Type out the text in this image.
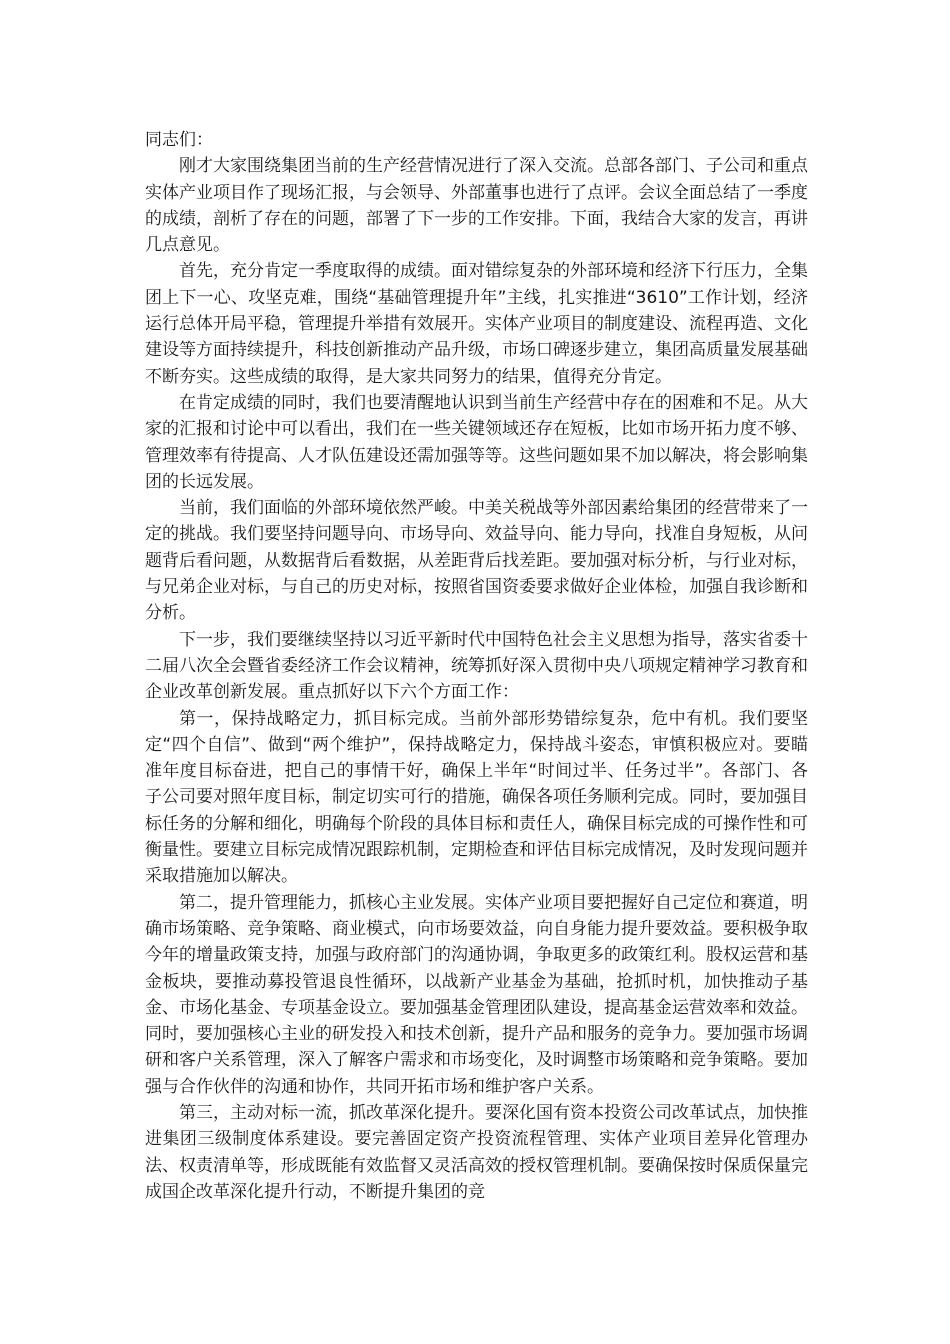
同志们：

刚才大家围绕集团当前的生产经营情况进行了深入交流。总部各部门、子公司和重点实体产业项目作了现场汇报，与会领导、外部董事也进行了点评。会议全面总结了一季度的成绩，剖析了存在的问题，部署了下一步的工作安排。下面，我结合大家的发言，再讲几点意见。

首先，充分肯定一季度取得的成绩。面对错综复杂的外部环境和经济下行压力，全集团上下一心、攻坚克难，围绕“基础管理提升年”主线，扎实推进“3610”工作计划，经济运行总体开局平稳，管理提升举措有效展开。实体产业项目的制度建设、流程再造、文化建设等方面持续提升，科技创新推动产品升级，市场口碑逐步建立，集团高质量发展基础不断夯实。这些成绩的取得，是大家共同努力的结果，值得充分肯定。

在肯定成绩的同时，我们也要清醒地认识到当前生产经营中存在的困难和不足。从大家的汇报和讨论中可以看出，我们在一些关键领域还存在短板，比如市场开拓力度不够、管理效率有待提高、人才队伍建设还需加强等等。这些问题如果不加以解决，将会影响集团的长远发展。

当前，我们面临的外部环境依然严峻。中美关税战等外部因素给集团的经营带来了一定的挑战。我们要坚持问题导向、市场导向、效益导向、能力导向，找准自身短板，从问题背后看问题，从数据背后看数据，从差距背后找差距。要加强对标分析，与行业对标，与兄弟企业对标，与自己的历史对标，按照省国资委要求做好企业体检，加强自我诊断和分析。

下一步，我们要继续坚持以习近平新时代中国特色社会主义思想为指导，落实省委十二届八次全会暨省委经济工作会议精神，统筹抓好深入贯彻中央八项规定精神学习教育和企业改革创新发展。重点抓好以下六个方面工作：

第一，保持战略定力，抓目标完成。当前外部形势错综复杂，危中有机。我们要坚定“四个自信”、做到“两个维护”，保持战略定力，保持战斗姿态，审慎积极应对。要瞄准年度目标奋进，把自己的事情干好，确保上半年“时间过半、任务过半”。各部门、各子公司要对照年度目标，制定切实可行的措施，确保各项任务顺利完成。同时，要加强目标任务的分解和细化，明确每个阶段的具体目标和责任人，确保目标完成的可操作性和可衡量性。要建立目标完成情况跟踪机制，定期检查和评估目标完成情况，及时发现问题并采取措施加以解决。

第二，提升管理能力，抓核心主业发展。实体产业项目要把握好自己定位和赛道，明确市场策略、竞争策略、商业模式，向市场要效益，向自身能力提升要效益。要积极争取今年的增量政策支持，加强与政府部门的沟通协调，争取更多的政策红利。股权运营和基金板块，要推动募投管退良性循环，以战新产业基金为基础，抢抓时机，加快推动子基金、市场化基金、专项基金设立。要加强基金管理团队建设，提高基金运营效率和效益。同时，要加强核心主业的研发投入和技术创新，提升产品和服务的竞争力。要加强市场调研和客户关系管理，深入了解客户需求和市场变化，及时调整市场策略和竞争策略。要加强与合作伙伴的沟通和协作，共同开拓市场和维护客户关系。

第三，主动对标一流，抓改革深化提升。要深化国有资本投资公司改革试点，加快推进集团三级制度体系建设。要完善固定资产投资流程管理、实体产业项目差异化管理办法、权责清单等，形成既能有效监督又灵活高效的授权管理机制。要确保按时保质保量完成国企改革深化提升行动，不断提升集团的竞
